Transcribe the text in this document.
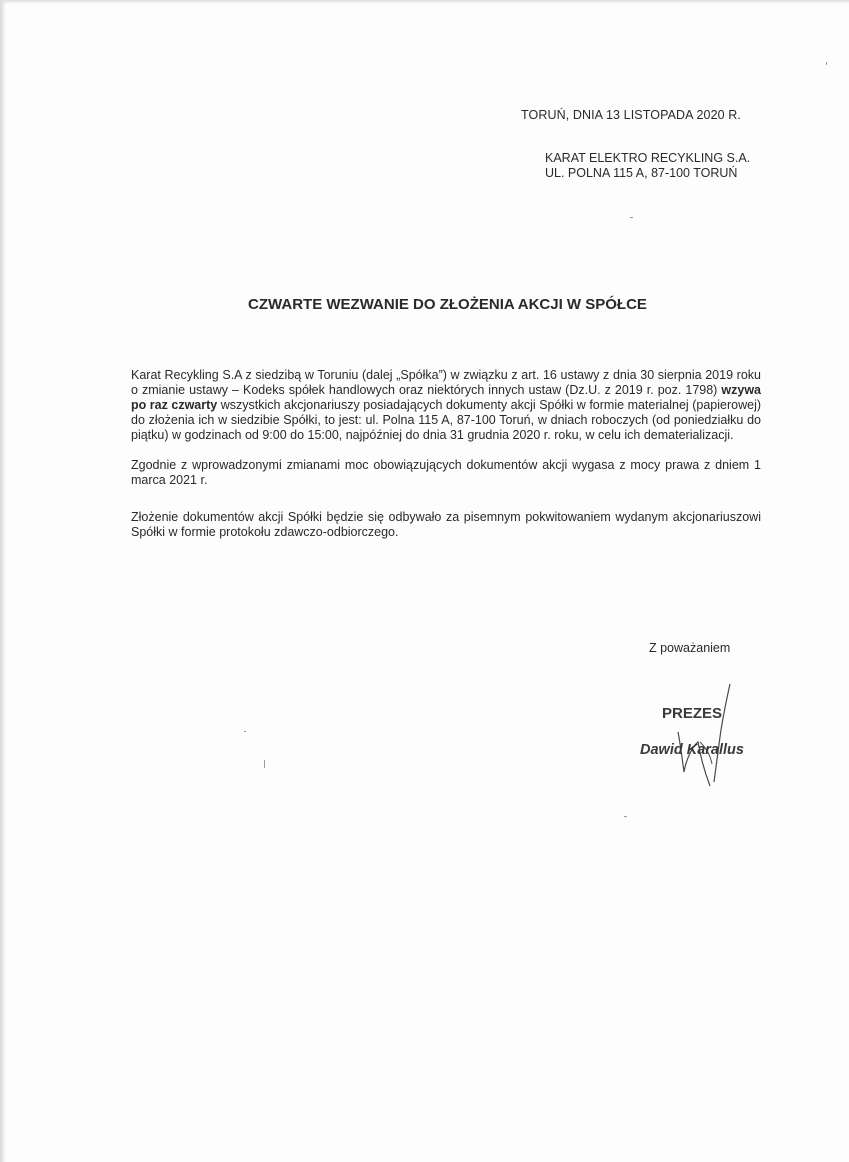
TORUŃ, DNIA 13 LISTOPADA 2020 R.
KARAT ELEKTRO RECYKLING S.A.
UL. POLNA 115 A, 87-100 TORUŃ
CZWARTE WEZWANIE DO ZŁOŻENIA AKCJI W SPÓŁCE

Karat Recykling S.A z siedzibą w Toruniu (dalej „Spółka”) w związku z art. 16 ustawy z dnia 30 sierpnia 2019 roku o zmianie ustawy – Kodeks spółek handlowych oraz niektórych innych ustaw (Dz.U. z 2019 r. poz. 1798) wzywa po raz czwarty wszystkich akcjonariuszy posiadających dokumenty akcji Spółki w formie materialnej (papierowej) do złożenia ich w siedzibie Spółki, to jest: ul. Polna 115 A, 87-100 Toruń, w dniach roboczych (od poniedziałku do piątku) w godzinach od 9:00 do 15:00, najpóźniej do dnia 31 grudnia 2020 r. roku, w celu ich dematerializacji.

Zgodnie z wprowadzonymi zmianami moc obowiązujących dokumentów akcji wygasa z mocy prawa z dniem 1 marca 2021 r.

Złożenie dokumentów akcji Spółki będzie się odbywało za pisemnym pokwitowaniem wydanym akcjonariuszowi Spółki w formie protokołu zdawczo-odbiorczego.

Z poważaniem
PREZES
Dawid Karallus
